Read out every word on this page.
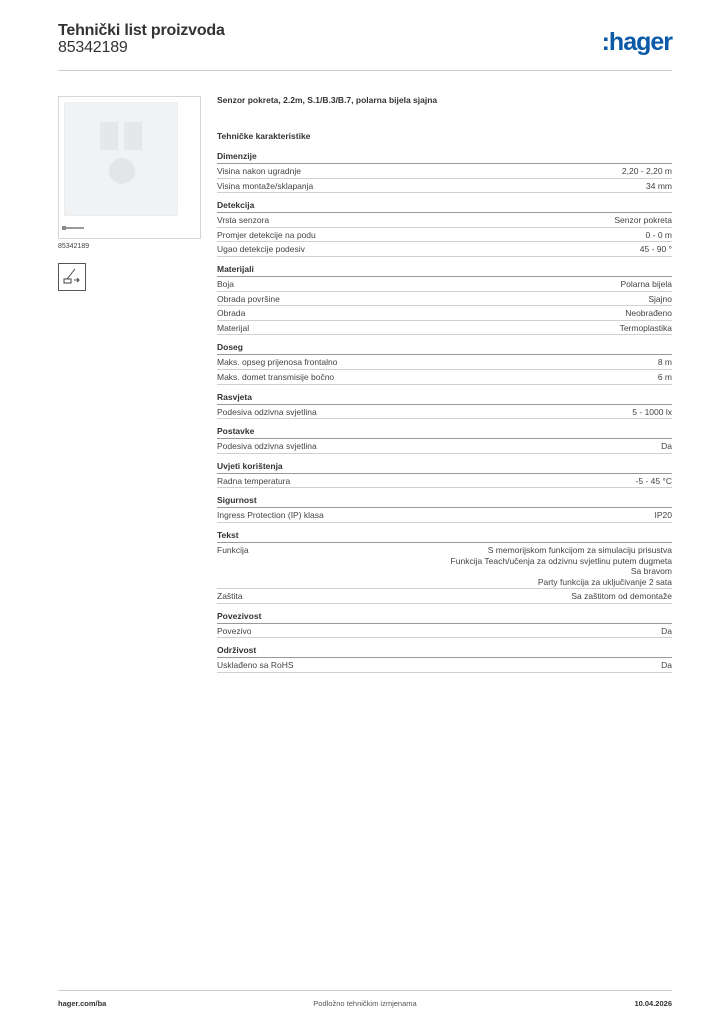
Tehnički list proizvoda
85342189	:hager
85342189
Senzor pokreta, 2.2m, S.1/B.3/B.7, polarna bijela sjajna
Tehničke karakteristike
Dimenzije
Visina nakon ugradnje	2,20 - 2,20 m
Visina montaže/sklapanja	34 mm
Detekcija
Vrsta senzora	Senzor pokreta
Promjer detekcije na podu	0 - 0 m
Ugao detekcije podesiv	45 - 90 °
Materijali
Boja	Polarna bijela
Obrada površine	Sjajno
Obrada	Neobrađeno
Materijal	Termoplastika
Doseg
Maks. opseg prijenosa frontalno	8 m
Maks. domet transmisije bočno	6 m
Rasvjeta
Podesiva odzivna svjetlina	5 - 1000 lx
Postavke
Podesiva odzivna svjetlina	Da
Uvjeti korištenja
Radna temperatura	-5 - 45 °C
Sigurnost
Ingress Protection (IP) klasa	IP20
Tekst
Funkcija	S memorijskom funkcijom za simulaciju prisustva
Funkcija Teach/učenja za odzivnu svjetlinu putem dugmeta
Sa bravom
Party funkcija za uključivanje 2 sata
Zaštita	Sa zaštitom od demontaže
Povezivost
Povezivo	Da
Održivost
Usklađeno sa RoHS	Da
hager.com/ba	Podložno tehničkim izmjenama	10.04.2026
